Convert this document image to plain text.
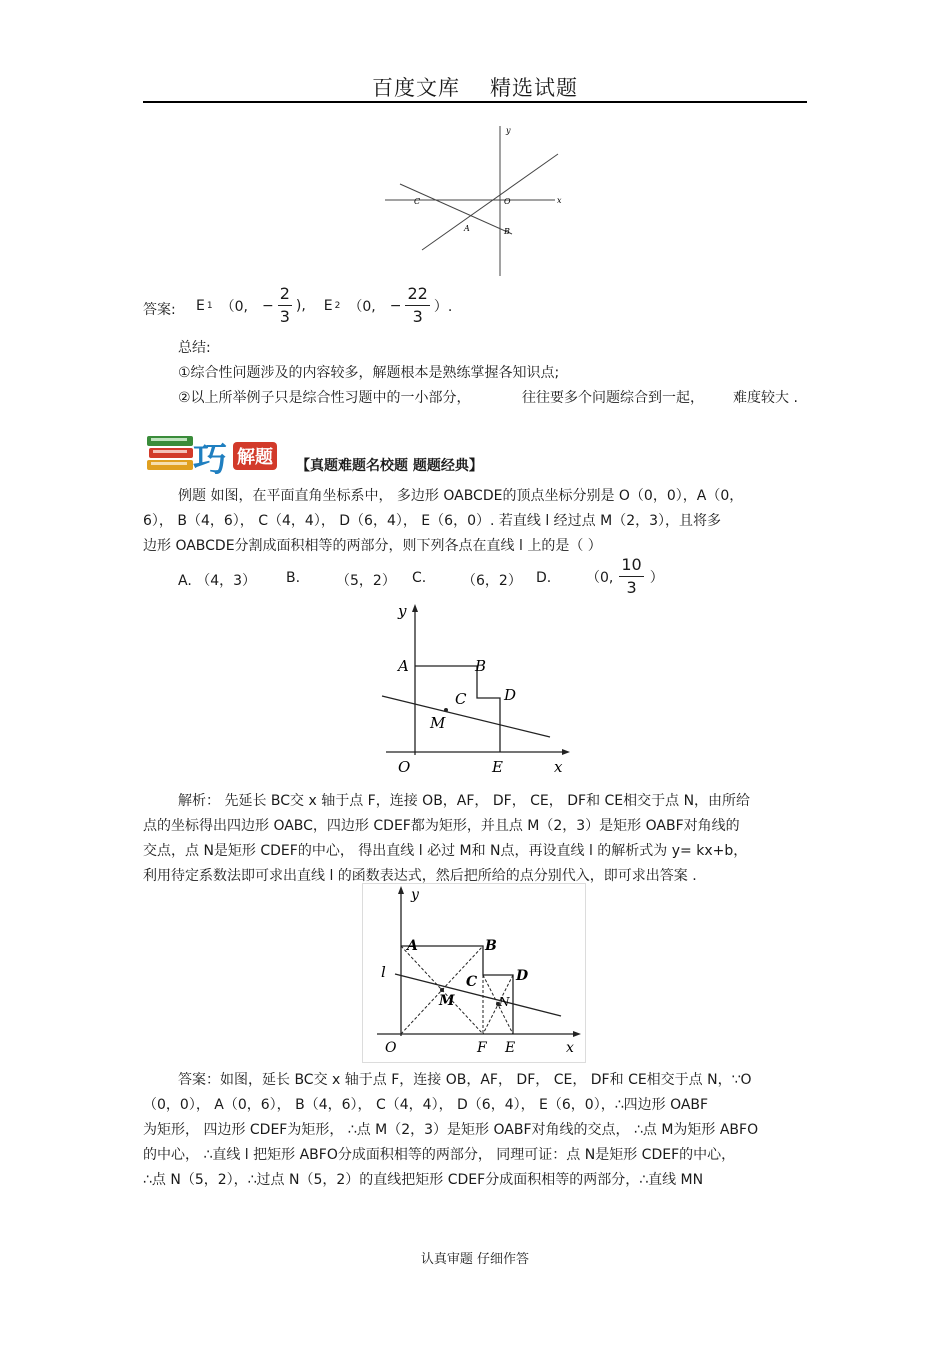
百度文库 精选试题
y
x
O
C
A	B
答案: E 1 （0, − $\frac{2}{3}$ ), E 2 （0, − $\frac{22}{3}$ ）.
总结:
①综合性问题涉及的内容较多，解题根本是熟练掌握各知识点;
②以上所举例子只是综合性习题中的一小部分，	往往要多个问题综合到一起， 难度较大 .
巧 解题 【真题难题名校题 题题经典】
例题 如图，在平面直角坐标系中， 多边形 OABCDE的顶点坐标分别是 O（0，0），A（0，
6）， B（4，6）， C（4，4）， D（6，4）， E（6，0）. 若直线 l 经过点 M（2，3），且将多
边形 OABCDE分割成面积相等的两部分，则下列各点在直线 l 上的是（ ）
A. （4，3） B.	（5，2） C.	（6，2） D. （0, $\frac{10}{3}$ ）
y
x
O
A	B
C	D
M
E
解析： 先延长 BC交 x 轴于点 F，连接 OB，AF， DF， CE， DF和 CE相交于点 N，由所给
点的坐标得出四边形 OABC，四边形 CDEF都为矩形，并且点 M（2，3）是矩形 OABF对角线的
交点，点 N是矩形 CDEF的中心， 得出直线 l 必过 M和 N点，再设直线 l 的解析式为 y= kx+b，
利用待定系数法即可求出直线 l 的函数表达式，然后把所给的点分别代入，即可求出答案 .
y
x
O
A	B
C	D
M	N
F E
l
答案：如图，延长 BC交 x 轴于点 F，连接 OB，AF， DF， CE， DF和 CE相交于点 N，∵O
（0，0）， A（0，6）， B（4，6）， C（4，4）， D（6，4）， E（6，0），∴四边形 OABF
为矩形， 四边形 CDEF为矩形， ∴点 M（2，3）是矩形 OABF对角线的交点， ∴点 M为矩形 ABFO
的中心， ∴直线 l 把矩形 ABFO分成面积相等的两部分， 同理可证：点 N是矩形 CDEF的中心，
∴点 N（5，2），∴过点 N（5，2）的直线把矩形 CDEF分成面积相等的两部分，∴直线 MN
认真审题 仔细作答
